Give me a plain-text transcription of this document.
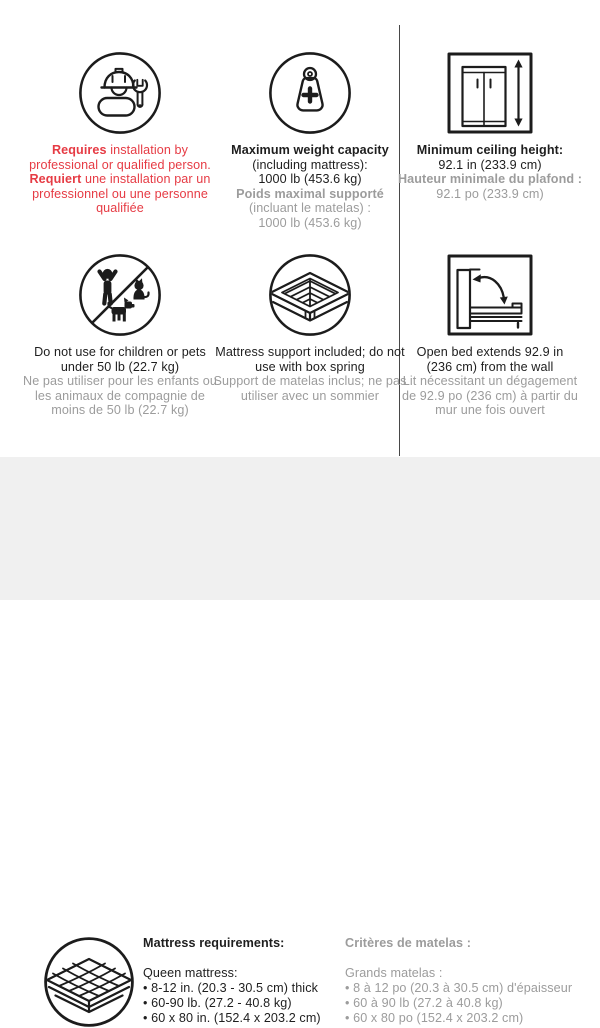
Requires installation by professional or qualified person.
Requiert une installation par un professionnel ou une personne qualifiée
Maximum weight capacity
(including mattress):
1000 lb (453.6 kg)
Poids maximal supporté
(incluant le matelas) :
1000 lb (453.6 kg)
Minimum ceiling height:
92.1 in (233.9 cm)
Hauteur minimale du plafond :
92.1 po (233.9 cm)
Do not use for children or pets under 50 lb (22.7 kg)
Ne pas utiliser pour les enfants ou les animaux de compagnie de moins de 50 lb (22.7 kg)
Mattress support included; do not use with box spring
Support de matelas inclus; ne pas utiliser avec un sommier
Open bed extends 92.9 in
(236 cm) from the wall
Lit nécessitant un dégagement
de 92.9 po (236 cm) à partir du
mur une fois ouvert

Mattress requirements:

Queen mattress:

• 8-12 in. (20.3 - 30.5 cm) thick
• 60-90 lb. (27.2 - 40.8 kg)
• 60 x 80 in. (152.4 x 203.2 cm)

Critères de matelas :

Grands matelas :

• 8 à 12 po (20.3 à 30.5 cm) d'épaisseur
• 60 à 90 lb (27.2 à 40.8 kg)
• 60 x 80 po (152.4 x 203.2 cm)
